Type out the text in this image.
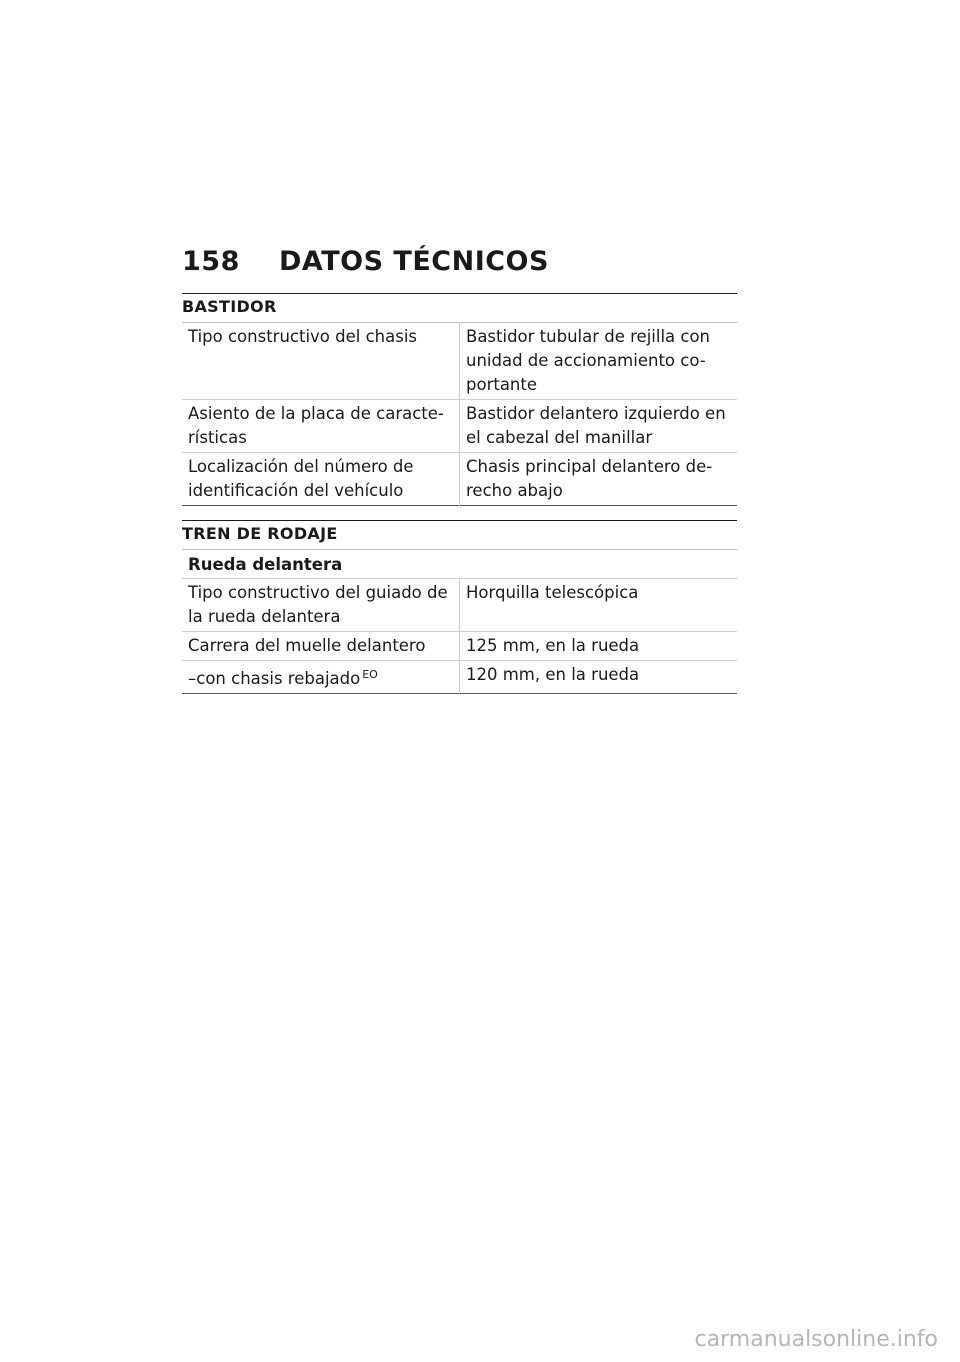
158	DATOS TÉCNICOS
BASTIDOR
Tipo constructivo del chasis	Bastidor tubular de rejilla con unidad de accionamiento co-portante
Asiento de la placa de caracte-rísticas	Bastidor delantero izquierdo en el cabezal del manillar
Localización del número de identificación del vehículo	Chasis principal delantero de-recho abajo
TREN DE RODAJE
Rueda delantera	
Tipo constructivo del guiado de la rueda delantera	Horquilla telescópica
Carrera del muelle delantero	125 mm, en la rueda
–con chasis rebajado $^{EO}$	120 mm, en la rueda
carmanualsonline.info
